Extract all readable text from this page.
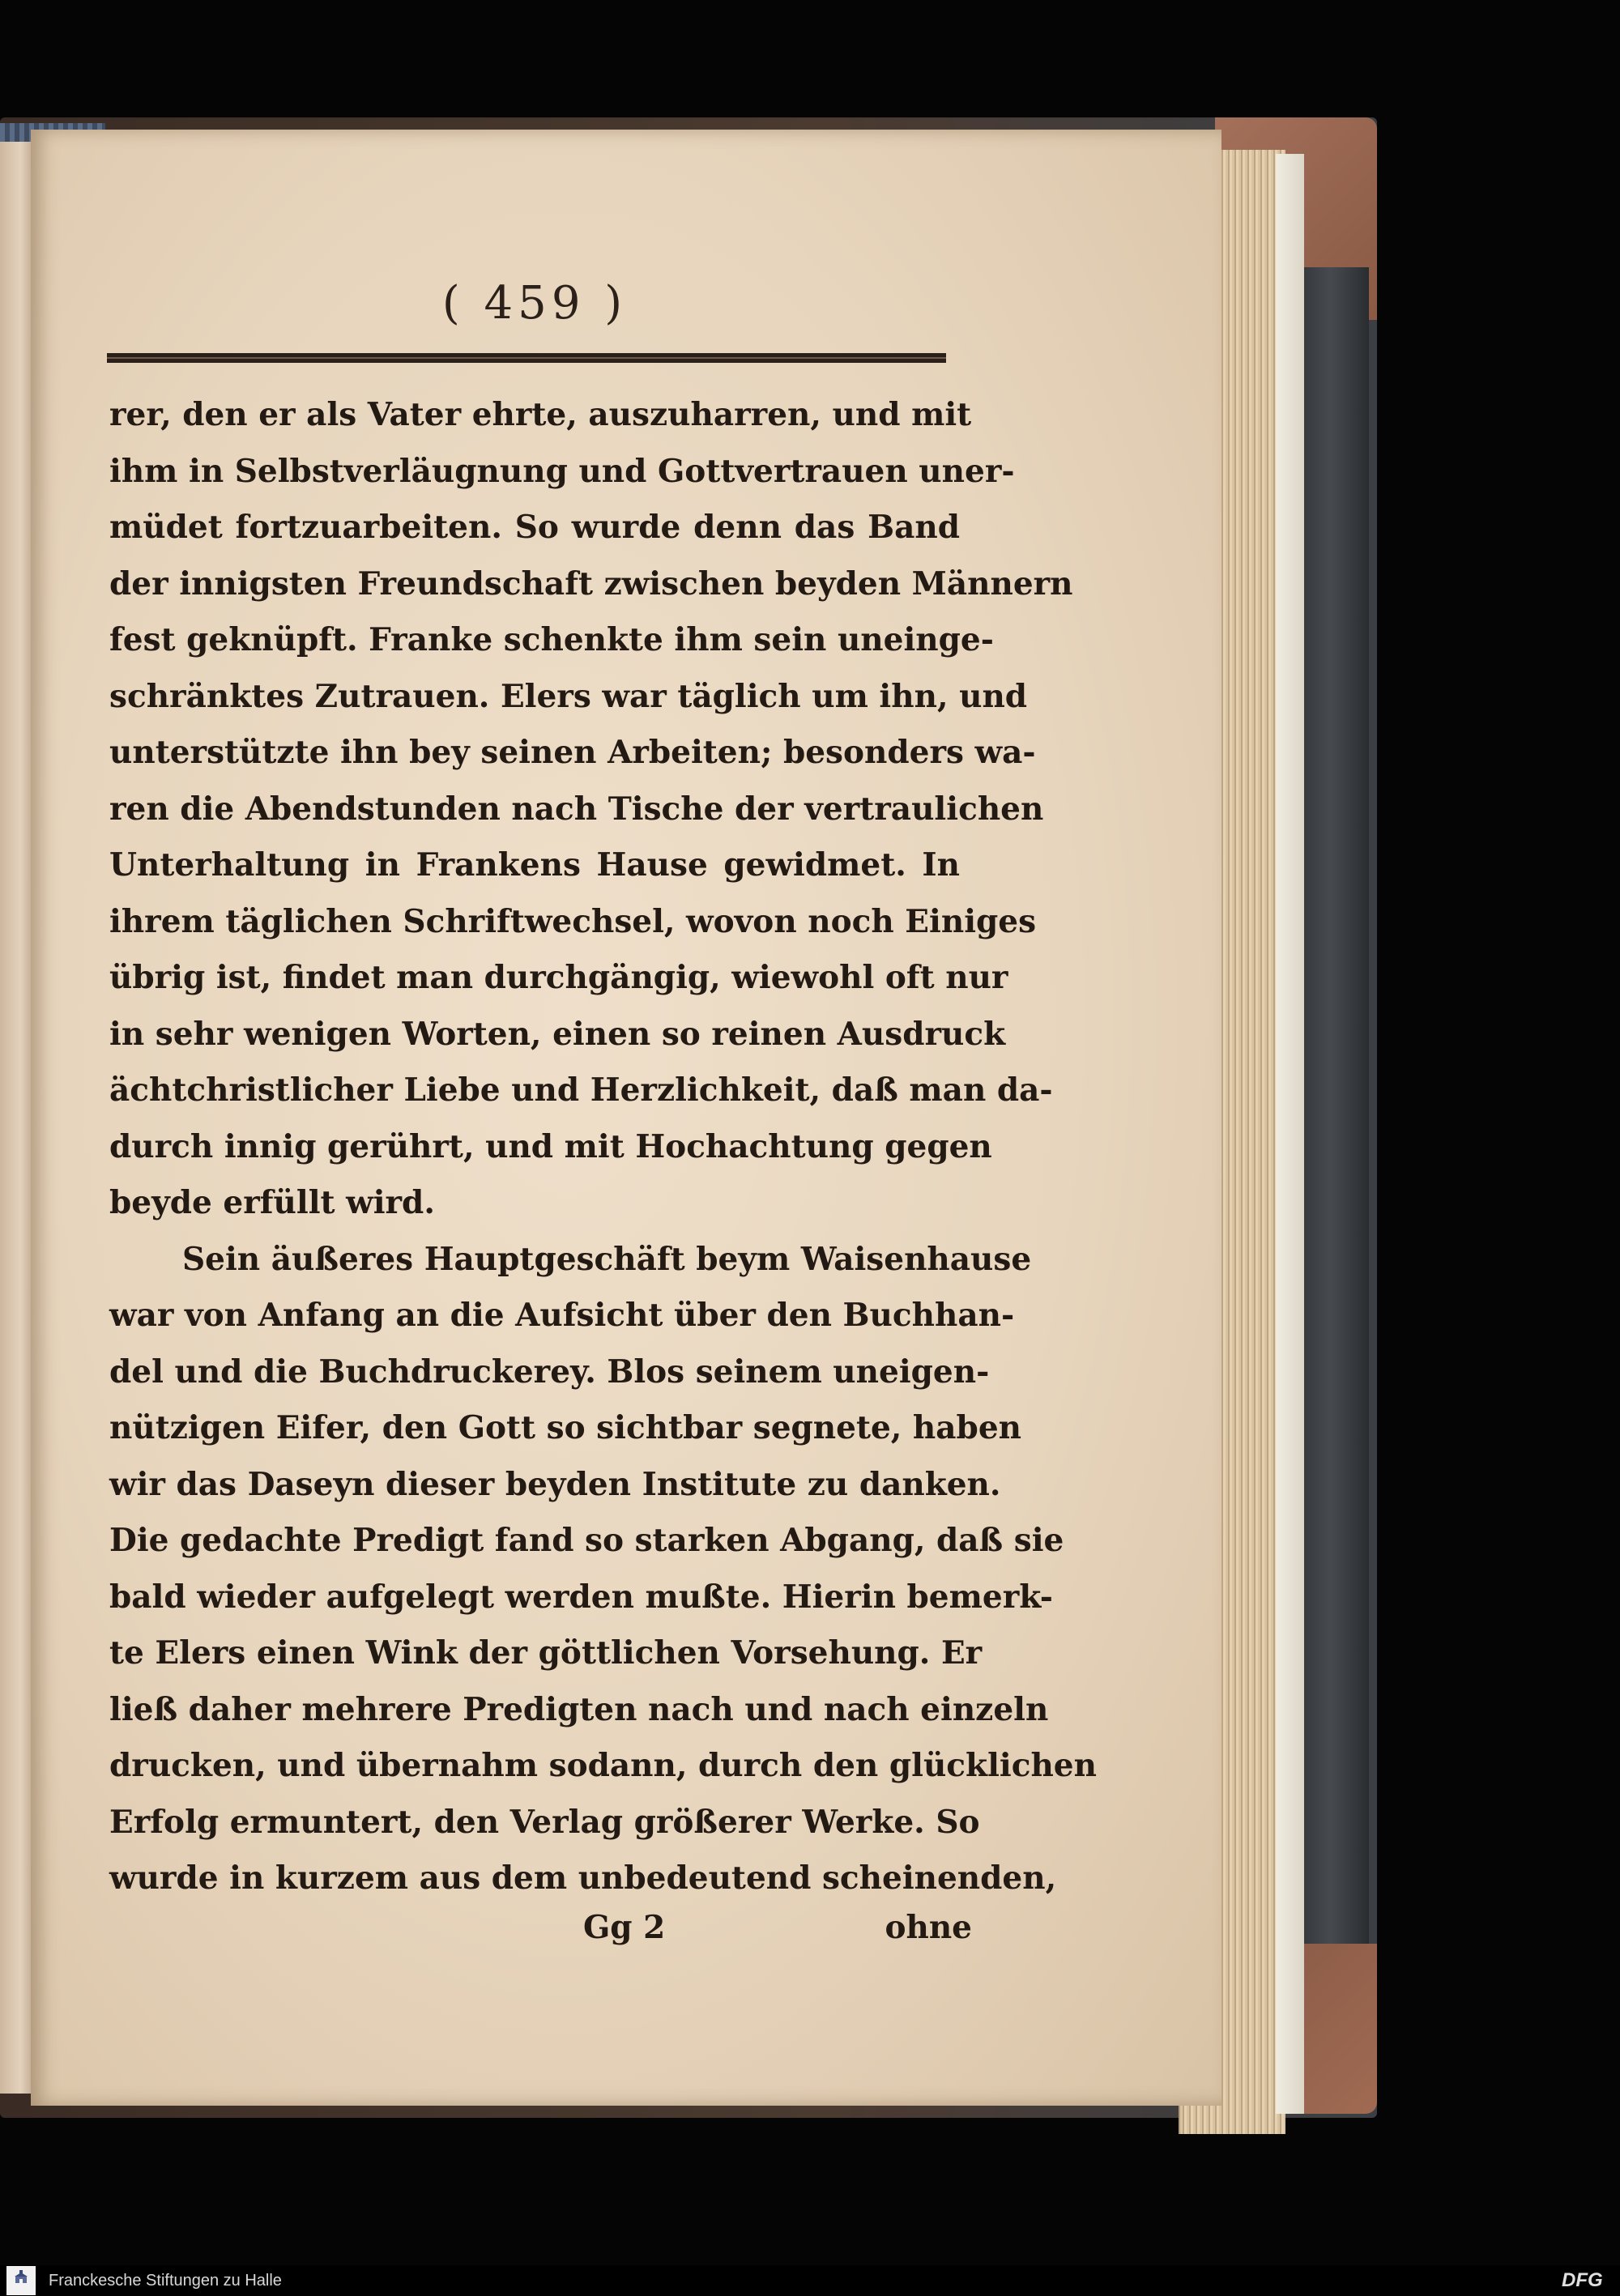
( 459 )
rer, den er als Vater ehrte, auszuharren, und mit
ihm in Selbstverläugnung und Gottvertrauen uner-
müdet fortzuarbeiten. So wurde denn das Band
der innigsten Freundschaft zwischen beyden Männern
fest geknüpft. Franke schenkte ihm sein uneinge-
schränktes Zutrauen. Elers war täglich um ihn, und
unterstützte ihn bey seinen Arbeiten; besonders wa-
ren die Abendstunden nach Tische der vertraulichen
Unterhaltung in Frankens Hause gewidmet. In
ihrem täglichen Schriftwechsel, wovon noch Einiges
übrig ist, findet man durchgängig, wiewohl oft nur
in sehr wenigen Worten, einen so reinen Ausdruck
ächtchristlicher Liebe und Herzlichkeit, daß man da-
durch innig gerührt, und mit Hochachtung gegen
beyde erfüllt wird.
Sein äußeres Hauptgeschäft beym Waisenhause
war von Anfang an die Aufsicht über den Buchhan-
del und die Buchdruckerey. Blos seinem uneigen-
nützigen Eifer, den Gott so sichtbar segnete, haben
wir das Daseyn dieser beyden Institute zu danken.
Die gedachte Predigt fand so starken Abgang, daß sie
bald wieder aufgelegt werden mußte. Hierin bemerk-
te Elers einen Wink der göttlichen Vorsehung. Er
ließ daher mehrere Predigten nach und nach einzeln
drucken, und übernahm sodann, durch den glücklichen
Erfolg ermuntert, den Verlag größerer Werke. So
wurde in kurzem aus dem unbedeutend scheinenden,
Gg 2	ohne
Franckesche Stiftungen zu Halle	DFG
